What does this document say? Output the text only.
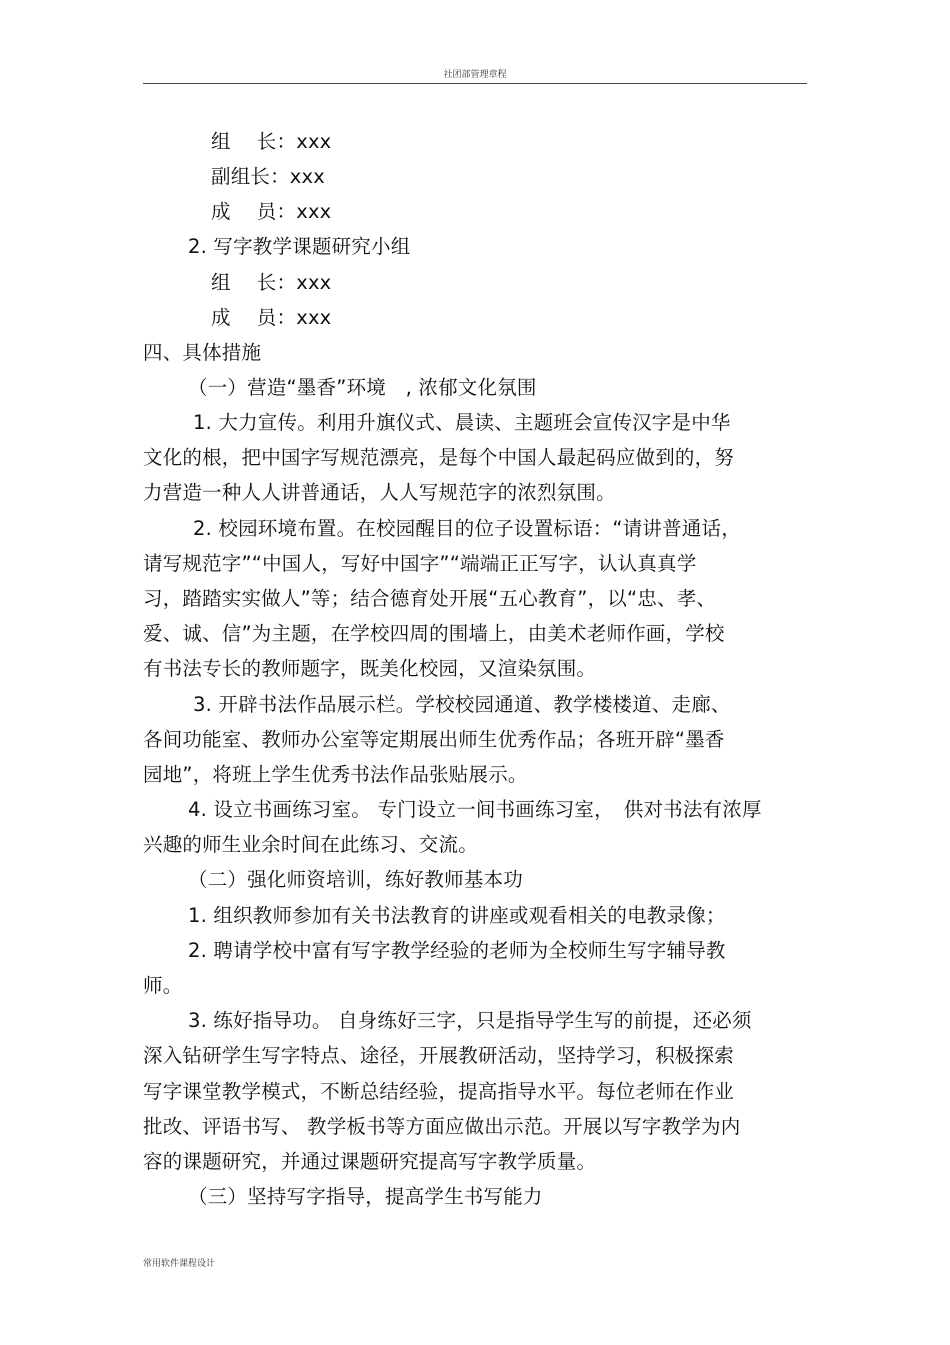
社团部管理章程
组　 长：xxx
副组长：xxx
成　 员：xxx
2. 写字教学课题研究小组
组　 长：xxx
成　 员：xxx
四、具体措施
（一）营造“墨香”环境　, 浓郁文化氛围
1. 大力宣传。利用升旗仪式、晨读、主题班会宣传汉字是中华
文化的根，把中国字写规范漂亮，是每个中国人最起码应做到的，努
力营造一种人人讲普通话，人人写规范字的浓烈氛围。
2. 校园环境布置。在校园醒目的位子设置标语：“请讲普通话，
请写规范字”“中国人，写好中国字”“端端正正写字，认认真真学
习，踏踏实实做人”等；结合德育处开展“五心教育”，以“忠、孝、
爱、诚、信”为主题，在学校四周的围墙上，由美术老师作画，学校
有书法专长的教师题字，既美化校园，又渲染氛围。
3. 开辟书法作品展示栏。学校校园通道、教学楼楼道、走廊、
各间功能室、教师办公室等定期展出师生优秀作品；各班开辟“墨香
园地”，将班上学生优秀书法作品张贴展示。
4. 设立书画练习室。 专门设立一间书画练习室，　供对书法有浓厚
兴趣的师生业余时间在此练习、交流。
（二）强化师资培训，练好教师基本功
1. 组织教师参加有关书法教育的讲座或观看相关的电教录像；
2. 聘请学校中富有写字教学经验的老师为全校师生写字辅导教
师。
3. 练好指导功。 自身练好三字，只是指导学生写的前提，还必须
深入钻研学生写字特点、途径，开展教研活动，坚持学习，积极探索
写字课堂教学模式，不断总结经验，提高指导水平。每位老师在作业
批改、评语书写、 教学板书等方面应做出示范。开展以写字教学为内
容的课题研究，并通过课题研究提高写字教学质量。
（三）坚持写字指导，提高学生书写能力
常用软件课程设计
